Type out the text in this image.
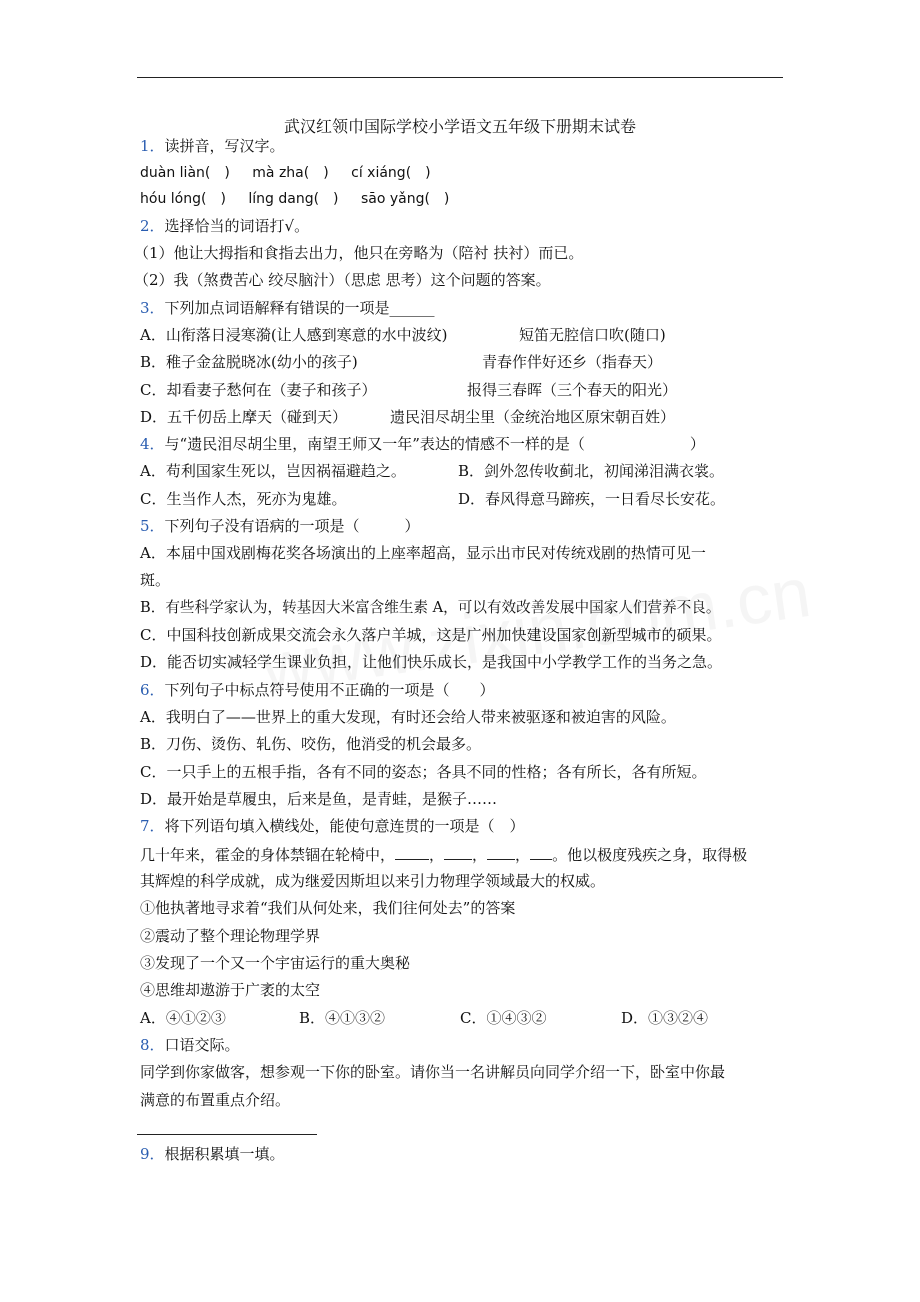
武汉红领巾国际学校小学语文五年级下册期末试卷
1．读拼音，写汉字。
duàn liàn(　) mà zha(　) cí xiáng(　)
hóu lóng(　) líng dang(　) sāo yǎng(　)
2．选择恰当的词语打√。
（1）他让大拇指和食指去出力，他只在旁略为（陪衬 扶衬）而已。
（2）我（煞费苦心 绞尽脑汁）（思虑 思考）这个问题的答案。
3．下列加点词语解释有错误的一项是______
A．山衔落日浸寒漪(让人感到寒意的水中波纹)	短笛无腔信口吹(随口)
B．稚子金盆脱晓冰(幼小的孩子)	青春作伴好还乡（指春天）
C．却看妻子愁何在（妻子和孩子）	报得三春晖（三个春天的阳光）
D．五千仞岳上摩天（碰到天）	遗民泪尽胡尘里（金统治地区原宋朝百姓）
4．与“遗民泪尽胡尘里，南望王师又一年”表达的情感不一样的是（　　　　　　　）
A．苟利国家生死以，岂因祸福避趋之。	B．剑外忽传收蓟北，初闻涕泪满衣裳。
C．生当作人杰，死亦为鬼雄。	D．春风得意马蹄疾，一日看尽长安花。
5．下列句子没有语病的一项是（　　　）
A．本届中国戏剧梅花奖各场演出的上座率超高，显示出市民对传统戏剧的热情可见一
斑。
B．有些科学家认为，转基因大米富含维生素 A，可以有效改善发展中国家人们营养不良。
C．中国科技创新成果交流会永久落户羊城，这是广州加快建设国家创新型城市的硕果。
D．能否切实减轻学生课业负担，让他们快乐成长，是我国中小学教学工作的当务之急。
6．下列句子中标点符号使用不正确的一项是（　　）
A．我明白了——世界上的重大发现，有时还会给人带来被驱逐和被迫害的风险。
B．刀伤、烫伤、轧伤、咬伤，他消受的机会最多。
C．一只手上的五根手指，各有不同的姿态；各具不同的性格；各有所长，各有所短。
D．最开始是草履虫，后来是鱼，是青蛙，是猴子……
7．将下列语句填入横线处，能使句意连贯的一项是（　）
几十年来，霍金的身体禁锢在轮椅中， ， ， ， 。他以极度残疾之身，取得极
其辉煌的科学成就，成为继爱因斯坦以来引力物理学领域最大的权威。
①他执著地寻求着“我们从何处来，我们往何处去”的答案
②震动了整个理论物理学界
③发现了一个又一个宇宙运行的重大奥秘
④思维却遨游于广袤的太空
A．④①②③	B．④①③②	C．①④③②	D．①③②④
8．口语交际。
同学到你家做客，想参观一下你的卧室。请你当一名讲解员向同学介绍一下，卧室中你最
满意的布置重点介绍。
9．根据积累填一填。
